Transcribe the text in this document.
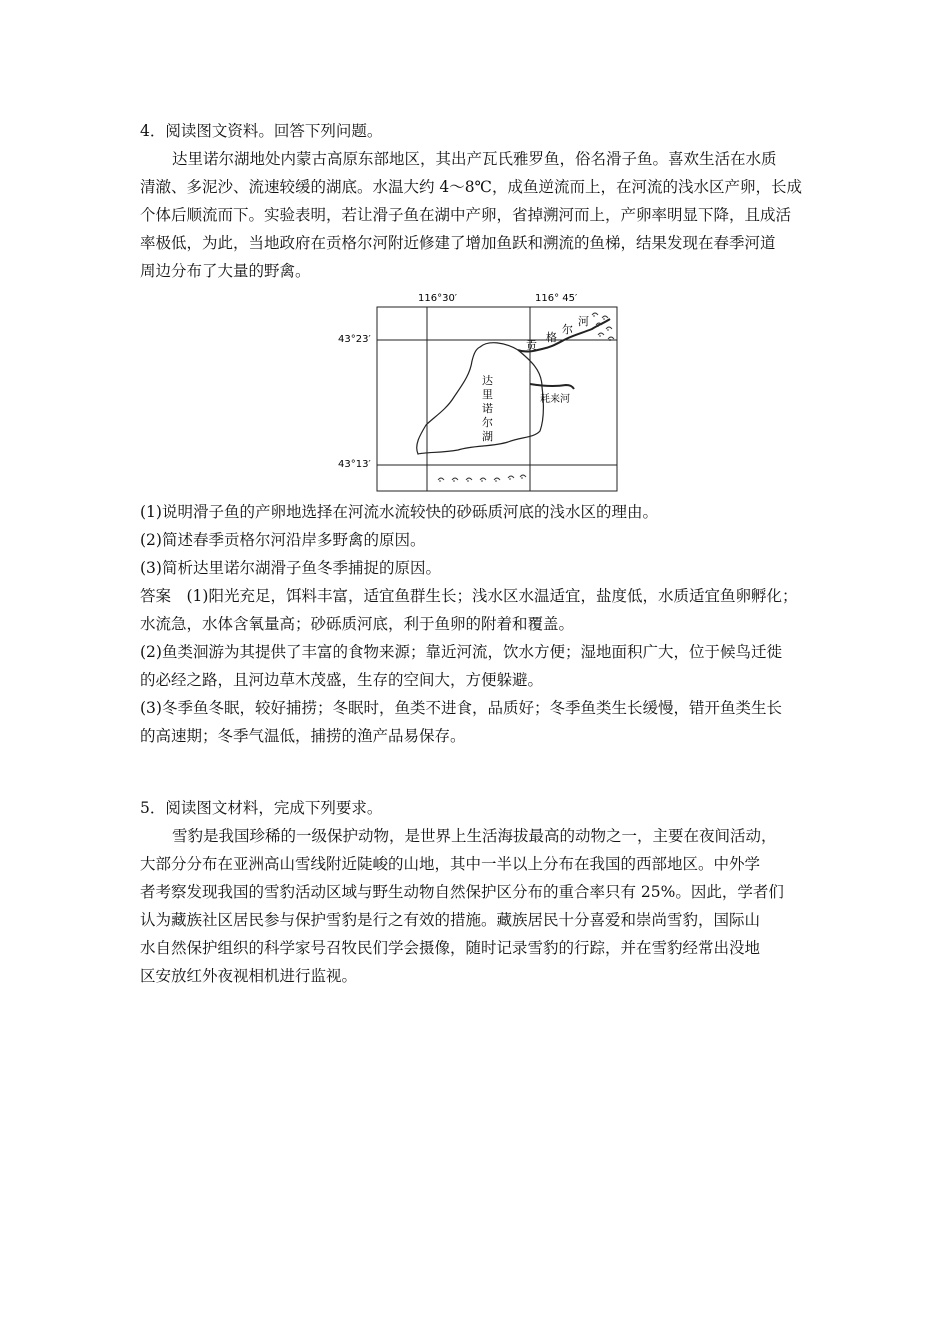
4．阅读图文资料。回答下列问题。
达里诺尔湖地处内蒙古高原东部地区，其出产瓦氏雅罗鱼，俗名滑子鱼。喜欢生活在水质
清澈、多泥沙、流速较缓的湖底。水温大约 4～8℃，成鱼逆流而上，在河流的浅水区产卵，长成
个体后顺流而下。实验表明，若让滑子鱼在湖中产卵，省掉溯河而上，产卵率明显下降，且成活
率极低，为此，当地政府在贡格尔河附近修建了增加鱼跃和溯流的鱼梯，结果发现在春季河道
周边分布了大量的野禽。
116°30′	116° 45′
43°23′
43°13′
贡
格
尔
河
达
里
诺
尔
湖
耗来河
(1)说明滑子鱼的产卵地选择在河流水流较快的砂砾质河底的浅水区的理由。
(2)简述春季贡格尔河沿岸多野禽的原因。
(3)简析达里诺尔湖滑子鱼冬季捕捉的原因。
答案　(1)阳光充足，饵料丰富，适宜鱼群生长；浅水区水温适宜，盐度低，水质适宜鱼卵孵化；
水流急，水体含氧量高；砂砾质河底，利于鱼卵的附着和覆盖。
(2)鱼类洄游为其提供了丰富的食物来源；靠近河流，饮水方便；湿地面积广大，位于候鸟迁徙
的必经之路，且河边草木茂盛，生存的空间大，方便躲避。
(3)冬季鱼冬眠，较好捕捞；冬眠时，鱼类不进食，品质好；冬季鱼类生长缓慢，错开鱼类生长
的高速期；冬季气温低，捕捞的渔产品易保存。
5．阅读图文材料，完成下列要求。
雪豹是我国珍稀的一级保护动物，是世界上生活海拔最高的动物之一，主要在夜间活动，
大部分分布在亚洲高山雪线附近陡峻的山地，其中一半以上分布在我国的西部地区。中外学
者考察发现我国的雪豹活动区域与野生动物自然保护区分布的重合率只有 25%。因此，学者们
认为藏族社区居民参与保护雪豹是行之有效的措施。藏族居民十分喜爱和崇尚雪豹，国际山
水自然保护组织的科学家号召牧民们学会摄像，随时记录雪豹的行踪，并在雪豹经常出没地
区安放红外夜视相机进行监视。
